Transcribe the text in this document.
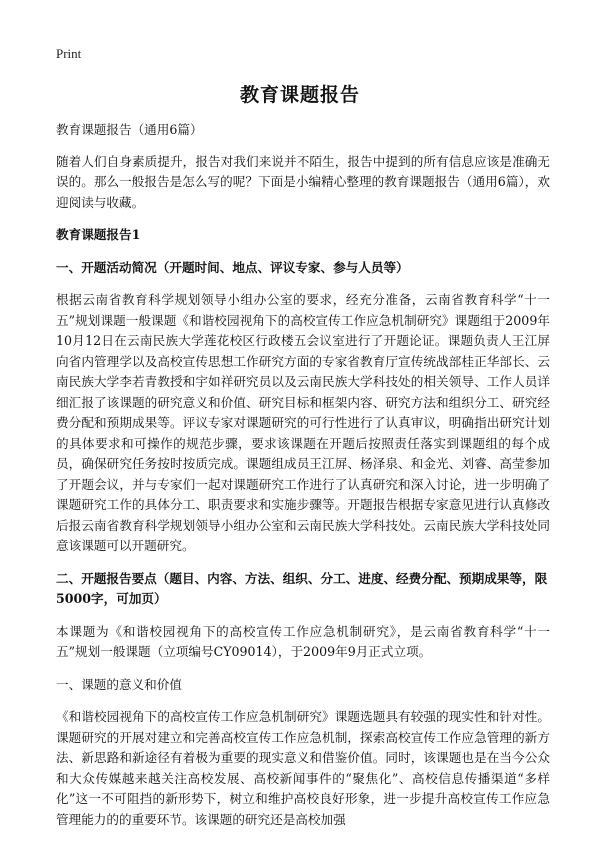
Print
教育课题报告

教育课题报告（通用6篇）

随着人们自身素质提升，报告对我们来说并不陌生，报告中提到的所有信息应该是准确无误的。那么一般报告是怎么写的呢？下面是小编精心整理的教育课题报告（通用6篇），欢迎阅读与收藏。

教育课题报告1

一、开题活动简况（开题时间、地点、评议专家、参与人员等）

根据云南省教育科学规划领导小组办公室的要求，经充分准备，云南省教育科学“十一五”规划课题一般课题《和谐校园视角下的高校宣传工作应急机制研究》课题组于2009年10月12日在云南民族大学莲花校区行政楼五会议室进行了开题论证。课题负责人王江屏向省内管理学以及高校宣传思想工作研究方面的专家省教育厅宣传统战部桂正华部长、云南民族大学李若青教授和宇如祥研究员以及云南民族大学科技处的相关领导、工作人员详细汇报了该课题的研究意义和价值、研究目标和框架内容、研究方法和组织分工、研究经费分配和预期成果等。评议专家对课题研究的可行性进行了认真审议，明确指出研究计划的具体要求和可操作的规范步骤，要求该课题在开题后按照责任落实到课题组的每个成员，确保研究任务按时按质完成。课题组成员王江屏、杨泽泉、和金光、刘睿、高莹参加了开题会议，并与专家们一起对课题研究工作进行了认真研究和深入讨论，进一步明确了课题研究工作的具体分工、职责要求和实施步骤等。开题报告根据专家意见进行认真修改后报云南省教育科学规划领导小组办公室和云南民族大学科技处。云南民族大学科技处同意该课题可以开题研究。

二、开题报告要点（题目、内容、方法、组织、分工、进度、经费分配、预期成果等，限5000字，可加页）

本课题为《和谐校园视角下的高校宣传工作应急机制研究》，是云南省教育科学“十一五”规划一般课题（立项编号CY09014），于2009年9月正式立项。

一、课题的意义和价值

《和谐校园视角下的高校宣传工作应急机制研究》课题选题具有较强的现实性和针对性。课题研究的开展对建立和完善高校宣传工作应急机制，探索高校宣传工作应急管理的新方法、新思路和新途径有着极为重要的现实意义和借鉴价值。同时，该课题也是在当今公众和大众传媒越来越关注高校发展、高校新闻事件的“聚焦化”、高校信息传播渠道“多样化”这一不可阻挡的新形势下，树立和维护高校良好形象，进一步提升高校宣传工作应急管理能力的的重要环节。该课题的研究还是高校加强
